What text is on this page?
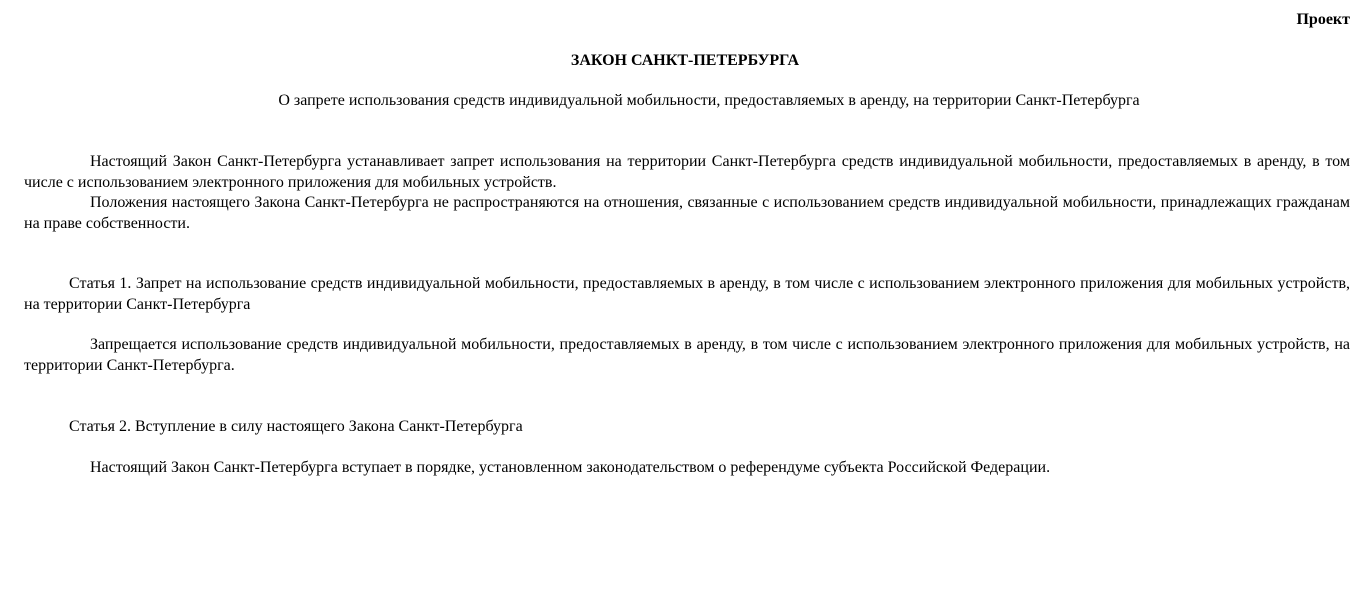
Проект
ЗАКОН САНКТ-ПЕТЕРБУРГА
О запрете использования средств индивидуальной мобильности, предоставляемых в аренду, на территории Санкт-Петербурга

Настоящий Закон Санкт-Петербурга устанавливает запрет использования на территории Санкт-Петербурга средств индивидуальной мобильности, предоставляемых в аренду, в том числе с использованием электронного приложения для мобильных устройств.

Положения настоящего Закона Санкт-Петербурга не распространяются на отношения, связанные с использованием средств индивидуальной мобильности, принадлежащих гражданам на праве собственности.

Статья 1. Запрет на использование средств индивидуальной мобильности, предоставляемых в аренду, в том числе с использованием электронного приложения для мобильных устройств, на территории Санкт-Петербурга

Запрещается использование средств индивидуальной мобильности, предоставляемых в аренду, в том числе с использованием электронного приложения для мобильных устройств, на территории Санкт-Петербурга.

Статья 2. Вступление в силу настоящего Закона Санкт-Петербурга

Настоящий Закон Санкт-Петербурга вступает в порядке, установленном законодательством о референдуме субъекта Российской Федерации.
